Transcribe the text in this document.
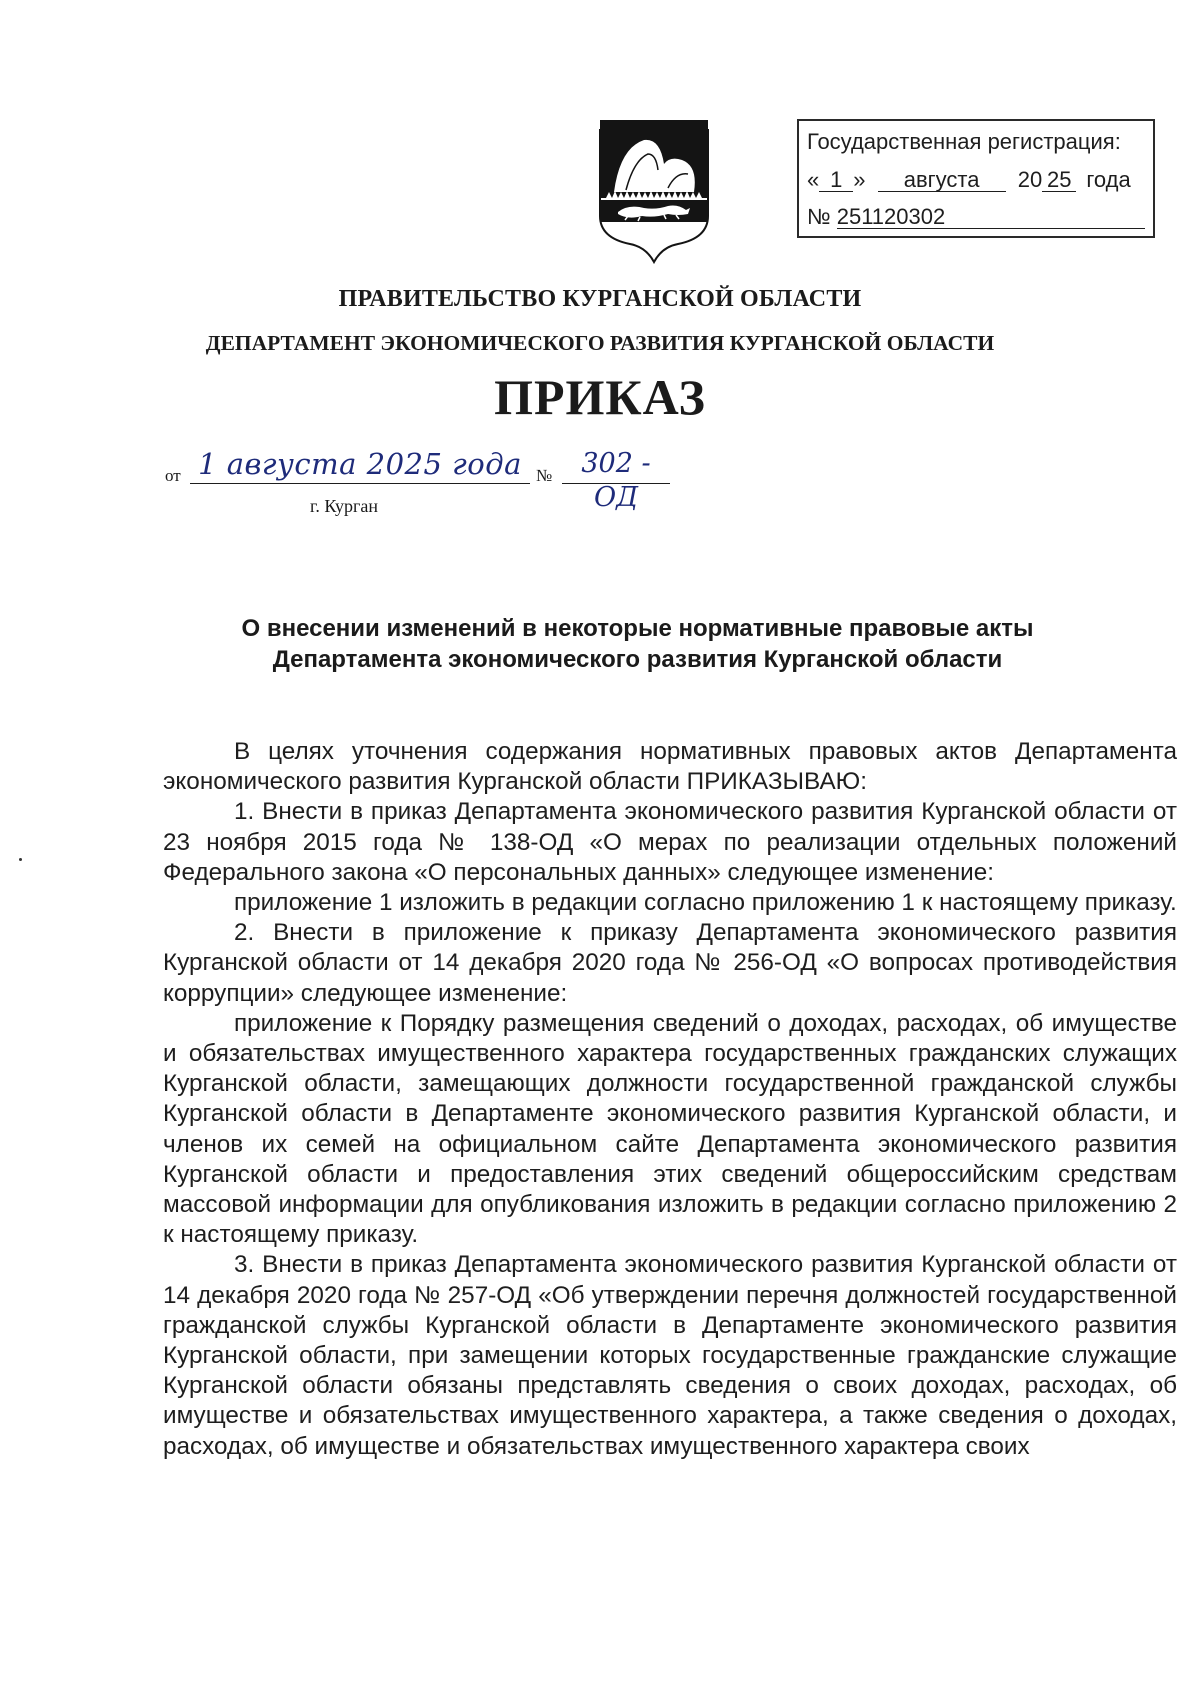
Государственная регистрация:
« 1 » августа 20 25 года
№ 251120302
ПРАВИТЕЛЬСТВО КУРГАНСКОЙ ОБЛАСТИ
ДЕПАРТАМЕНТ ЭКОНОМИЧЕСКОГО РАЗВИТИЯ КУРГАНСКОЙ ОБЛАСТИ
ПРИКАЗ
от 1 августа 2025 года №	302 - ОД
г. Курган
О внесении изменений в некоторые нормативные правовые акты
Департамента экономического развития Курганской области

В целях уточнения содержания нормативных правовых актов Департамента экономического развития Курганской области ПРИКАЗЫВАЮ:

1. Внести в приказ Департамента экономического развития Курганской области от 23 ноября 2015 года № 138-ОД «О мерах по реализации отдельных положений Федерального закона «О персональных данных» следующее изменение:

приложение 1 изложить в редакции согласно приложению 1 к настоящему приказу.

2. Внести в приложение к приказу Департамента экономического развития Курганской области от 14 декабря 2020 года № 256-ОД «О вопросах противодействия коррупции» следующее изменение:

приложение к Порядку размещения сведений о доходах, расходах, об имуществе и обязательствах имущественного характера государственных гражданских служащих Курганской области, замещающих должности государственной гражданской службы Курганской области в Департаменте экономического развития Курганской области, и членов их семей на официальном сайте Департамента экономического развития Курганской области и предоставления этих сведений общероссийским средствам массовой информации для опубликования изложить в редакции согласно приложению 2 к настоящему приказу.

3. Внести в приказ Департамента экономического развития Курганской области от 14 декабря 2020 года № 257-ОД «Об утверждении перечня должностей государственной гражданской службы Курганской области в Департаменте экономического развития Курганской области, при замещении которых государственные гражданские служащие Курганской области обязаны представлять сведения о своих доходах, расходах, об имуществе и обязательствах имущественного характера, а также сведения о доходах, расходах, об имуществе и обязательствах имущественного характера своих
